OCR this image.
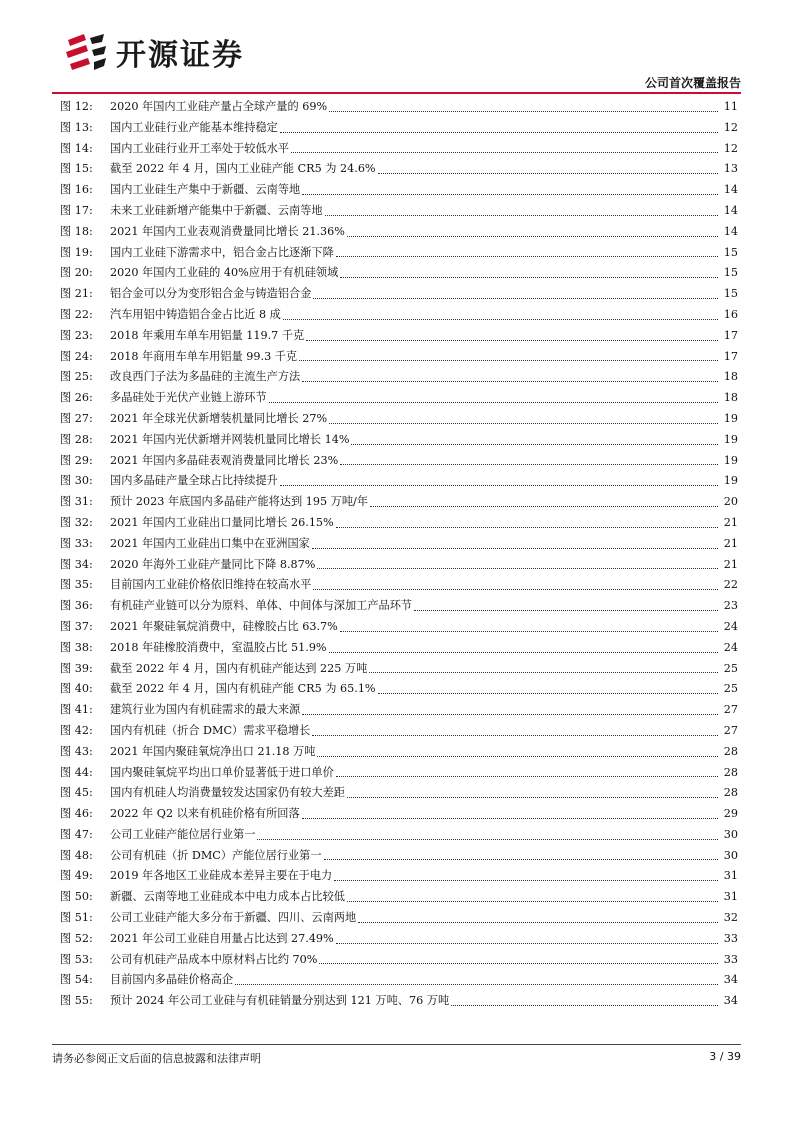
开源证券
公司首次覆盖报告
图 12:	2020 年国内工业硅产量占全球产量的 69%	11
图 13:	国内工业硅行业产能基本维持稳定	12
图 14:	国内工业硅行业开工率处于较低水平	12
图 15:	截至 2022 年 4 月，国内工业硅产能 CR5 为 24.6%	13
图 16:	国内工业硅生产集中于新疆、云南等地	14
图 17:	未来工业硅新增产能集中于新疆、云南等地	14
图 18:	2021 年国内工业表观消费量同比增长 21.36%	14
图 19:	国内工业硅下游需求中，铝合金占比逐渐下降	15
图 20:	2020 年国内工业硅的 40%应用于有机硅领域	15
图 21:	铝合金可以分为变形铝合金与铸造铝合金	15
图 22:	汽车用铝中铸造铝合金占比近 8 成	16
图 23:	2018 年乘用车单车用铝量 119.7 千克	17
图 24:	2018 年商用车单车用铝量 99.3 千克	17
图 25:	改良西门子法为多晶硅的主流生产方法	18
图 26:	多晶硅处于光伏产业链上游环节	18
图 27:	2021 年全球光伏新增装机量同比增长 27%	19
图 28:	2021 年国内光伏新增并网装机量同比增长 14%	19
图 29:	2021 年国内多晶硅表观消费量同比增长 23%	19
图 30:	国内多晶硅产量全球占比持续提升	19
图 31:	预计 2023 年底国内多晶硅产能将达到 195 万吨/年	20
图 32:	2021 年国内工业硅出口量同比增长 26.15%	21
图 33:	2021 年国内工业硅出口集中在亚洲国家	21
图 34:	2020 年海外工业硅产量同比下降 8.87%	21
图 35:	目前国内工业硅价格依旧维持在较高水平	22
图 36:	有机硅产业链可以分为原料、单体、中间体与深加工产品环节	23
图 37:	2021 年聚硅氧烷消费中，硅橡胶占比 63.7%	24
图 38:	2018 年硅橡胶消费中，室温胶占比 51.9%	24
图 39:	截至 2022 年 4 月，国内有机硅产能达到 225 万吨	25
图 40:	截至 2022 年 4 月，国内有机硅产能 CR5 为 65.1%	25
图 41:	建筑行业为国内有机硅需求的最大来源	27
图 42:	国内有机硅（折合 DMC）需求平稳增长	27
图 43:	2021 年国内聚硅氧烷净出口 21.18 万吨	28
图 44:	国内聚硅氧烷平均出口单价显著低于进口单价	28
图 45:	国内有机硅人均消费量较发达国家仍有较大差距	28
图 46:	2022 年 Q2 以来有机硅价格有所回落	29
图 47:	公司工业硅产能位居行业第一	30
图 48:	公司有机硅（折 DMC）产能位居行业第一	30
图 49:	2019 年各地区工业硅成本差异主要在于电力	31
图 50:	新疆、云南等地工业硅成本中电力成本占比较低	31
图 51:	公司工业硅产能大多分布于新疆、四川、云南两地	32
图 52:	2021 年公司工业硅自用量占比达到 27.49%	33
图 53:	公司有机硅产品成本中原材料占比约 70%	33
图 54:	目前国内多晶硅价格高企	34
图 55:	预计 2024 年公司工业硅与有机硅销量分别达到 121 万吨、76 万吨	34
请务必参阅正文后面的信息披露和法律声明	3 / 39
